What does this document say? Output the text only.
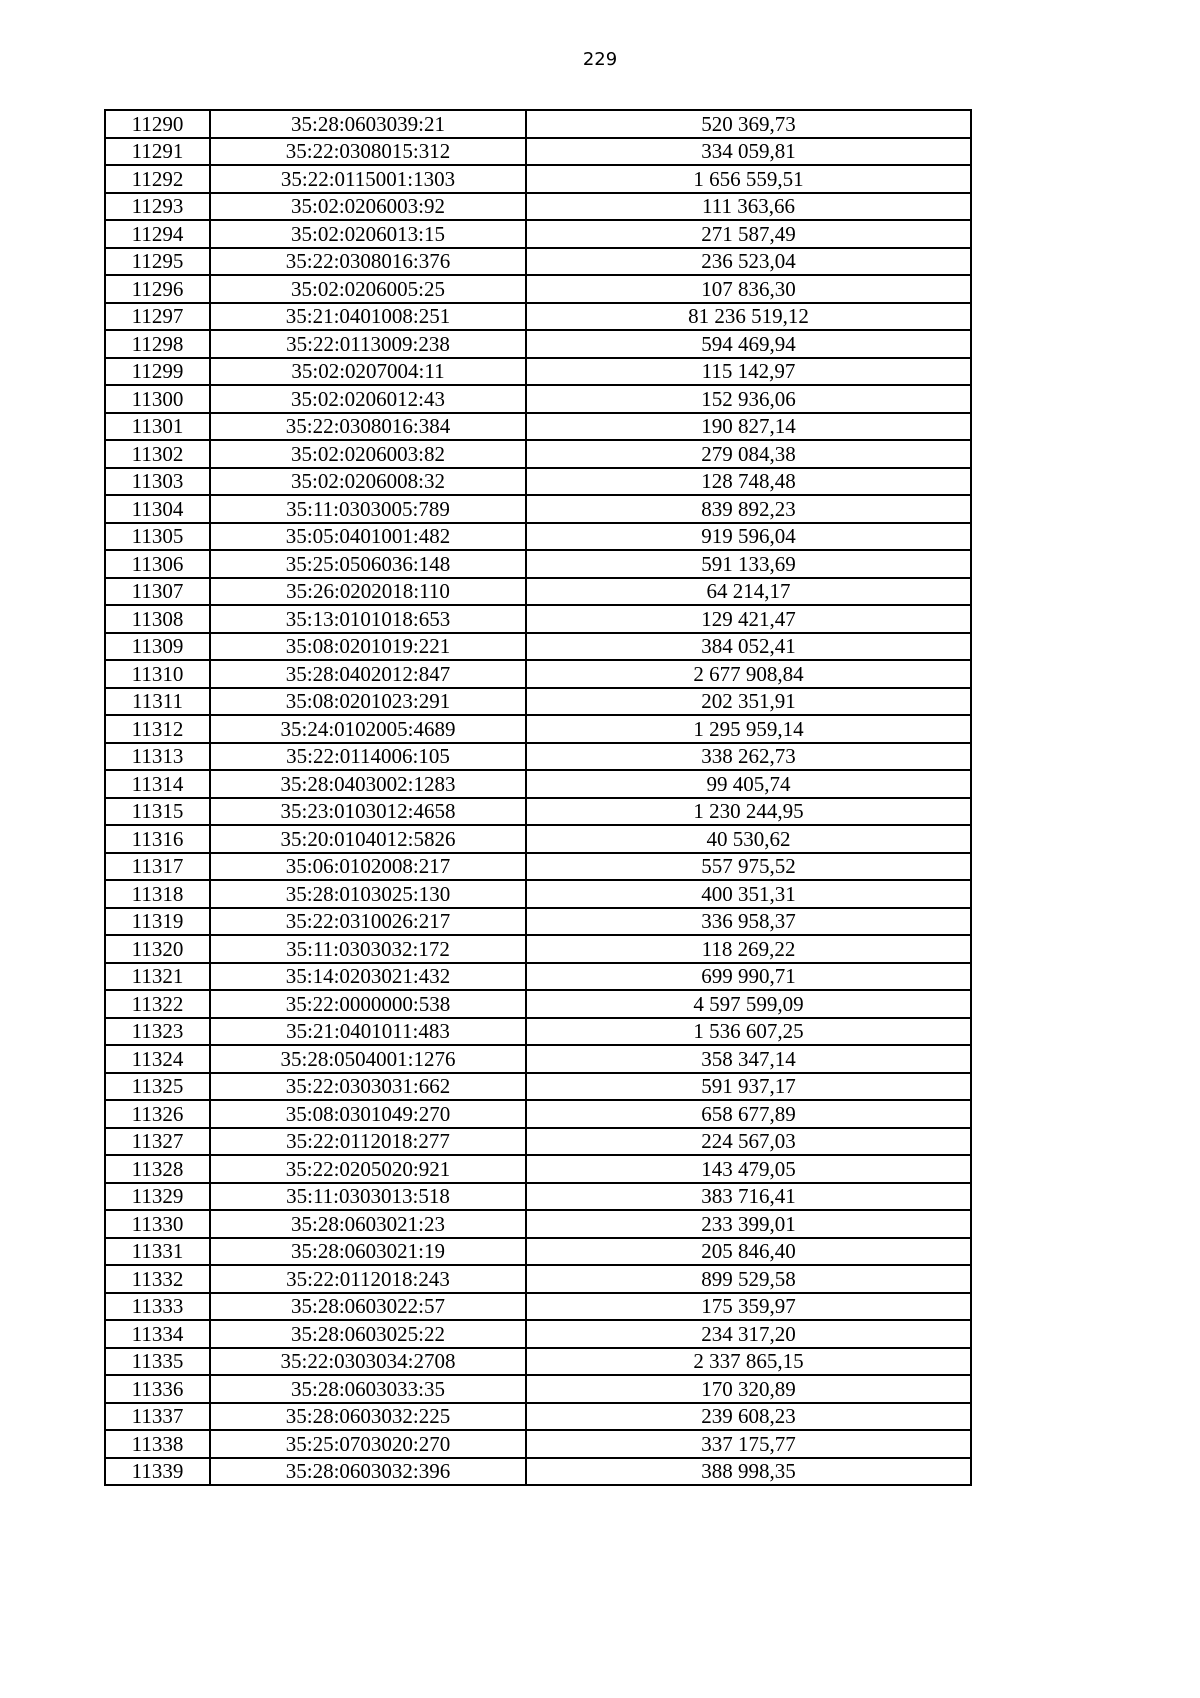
229
11290	35:28:0603039:21	520 369,73
11291	35:22:0308015:312	334 059,81
11292	35:22:0115001:1303	1 656 559,51
11293	35:02:0206003:92	111 363,66
11294	35:02:0206013:15	271 587,49
11295	35:22:0308016:376	236 523,04
11296	35:02:0206005:25	107 836,30
11297	35:21:0401008:251	81 236 519,12
11298	35:22:0113009:238	594 469,94
11299	35:02:0207004:11	115 142,97
11300	35:02:0206012:43	152 936,06
11301	35:22:0308016:384	190 827,14
11302	35:02:0206003:82	279 084,38
11303	35:02:0206008:32	128 748,48
11304	35:11:0303005:789	839 892,23
11305	35:05:0401001:482	919 596,04
11306	35:25:0506036:148	591 133,69
11307	35:26:0202018:110	64 214,17
11308	35:13:0101018:653	129 421,47
11309	35:08:0201019:221	384 052,41
11310	35:28:0402012:847	2 677 908,84
11311	35:08:0201023:291	202 351,91
11312	35:24:0102005:4689	1 295 959,14
11313	35:22:0114006:105	338 262,73
11314	35:28:0403002:1283	99 405,74
11315	35:23:0103012:4658	1 230 244,95
11316	35:20:0104012:5826	40 530,62
11317	35:06:0102008:217	557 975,52
11318	35:28:0103025:130	400 351,31
11319	35:22:0310026:217	336 958,37
11320	35:11:0303032:172	118 269,22
11321	35:14:0203021:432	699 990,71
11322	35:22:0000000:538	4 597 599,09
11323	35:21:0401011:483	1 536 607,25
11324	35:28:0504001:1276	358 347,14
11325	35:22:0303031:662	591 937,17
11326	35:08:0301049:270	658 677,89
11327	35:22:0112018:277	224 567,03
11328	35:22:0205020:921	143 479,05
11329	35:11:0303013:518	383 716,41
11330	35:28:0603021:23	233 399,01
11331	35:28:0603021:19	205 846,40
11332	35:22:0112018:243	899 529,58
11333	35:28:0603022:57	175 359,97
11334	35:28:0603025:22	234 317,20
11335	35:22:0303034:2708	2 337 865,15
11336	35:28:0603033:35	170 320,89
11337	35:28:0603032:225	239 608,23
11338	35:25:0703020:270	337 175,77
11339	35:28:0603032:396	388 998,35
